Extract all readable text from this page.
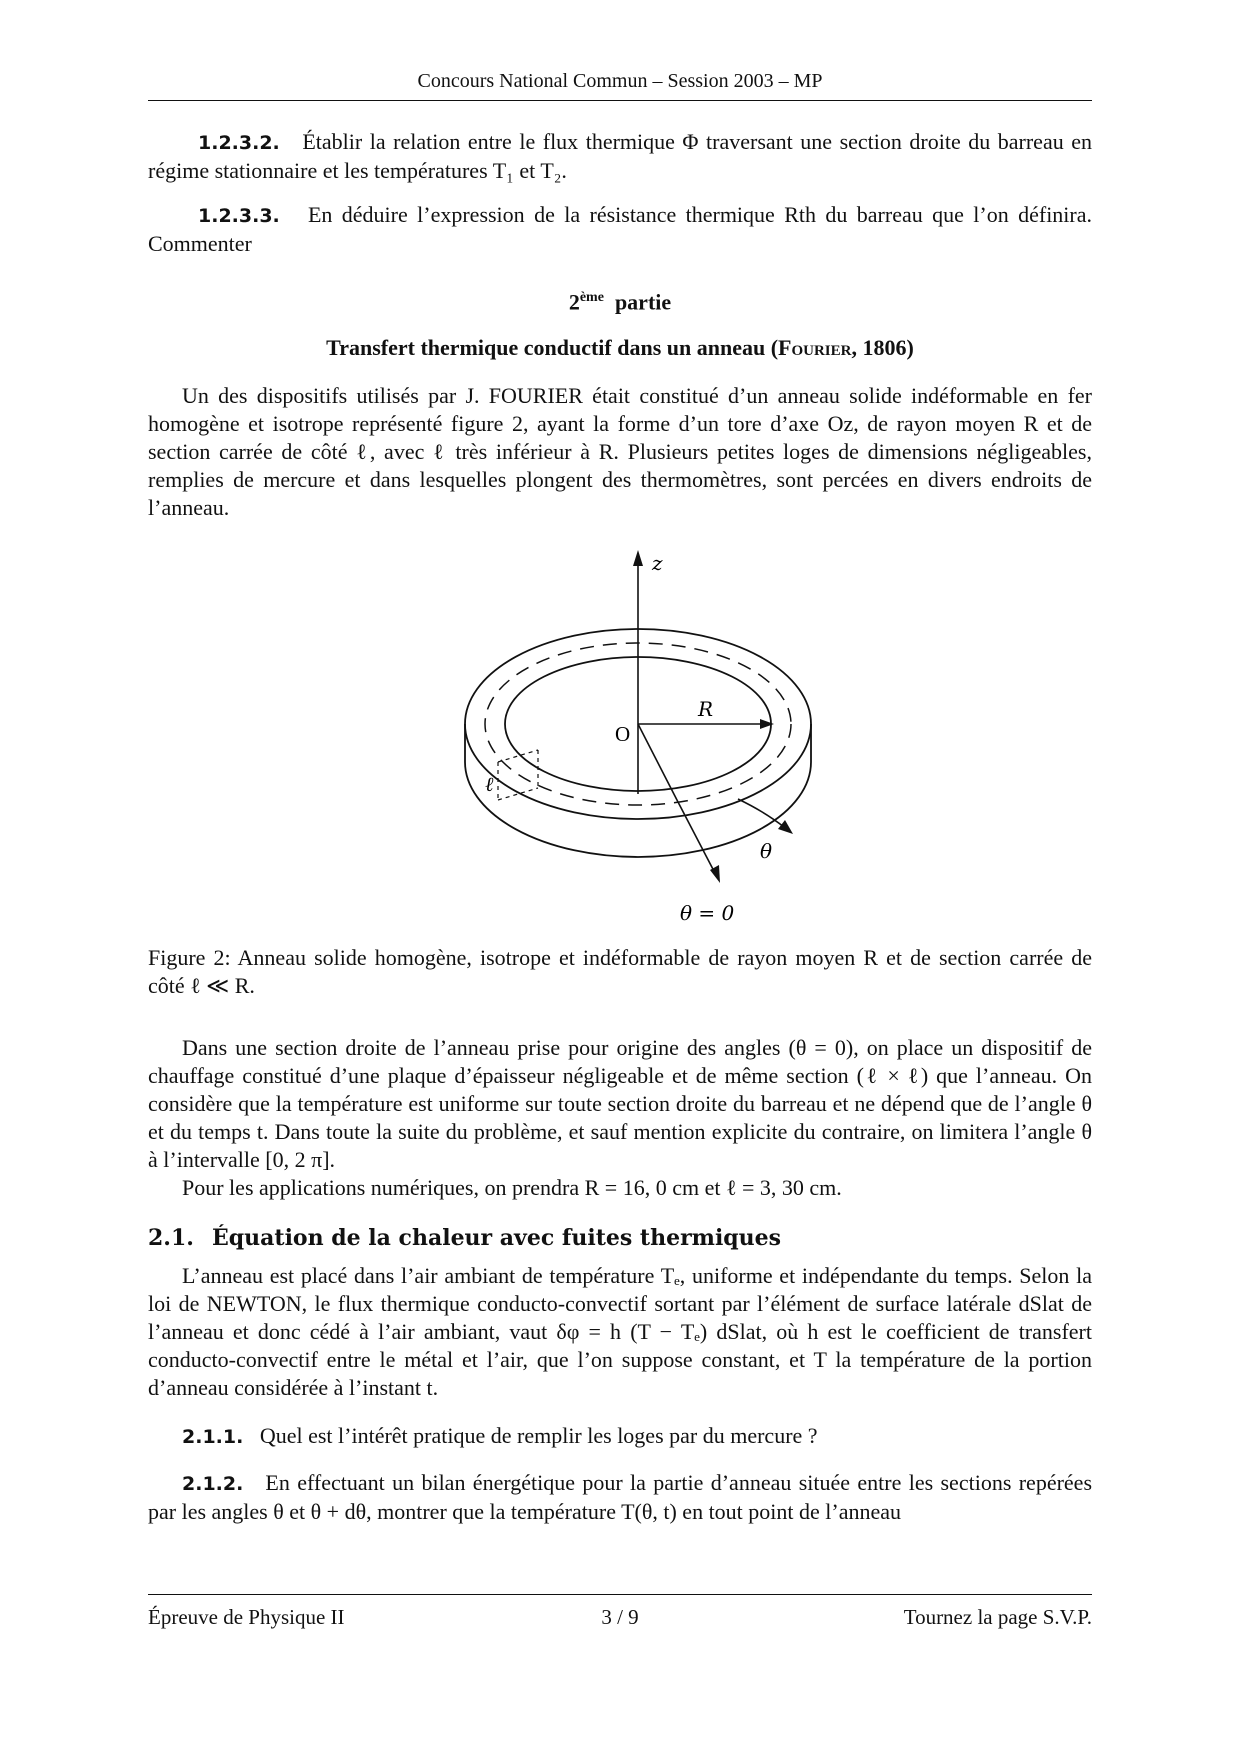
Concours National Commun – Session 2003 – MP

1.2.3.2. Établir la relation entre le flux thermique Φ traversant une section droite du barreau en régime stationnaire et les températures T₁ et T₂.

1.2.3.3. En déduire l’expression de la résistance thermique Rth du barreau que l’on définira. Commenter

2ème partie

Transfert thermique conductif dans un anneau (Fourier, 1806)

Un des dispositifs utilisés par J. FOURIER était constitué d’un anneau solide indéformable en fer homogène et isotrope représenté figure 2, ayant la forme d’un tore d’axe Oz, de rayon moyen R et de section carrée de côté ℓ, avec ℓ très inférieur à R. Plusieurs petites loges de dimensions négligeables, remplies de mercure et dans lesquelles plongent des thermomètres, sont percées en divers endroits de l’anneau.

z
ℓ
R
O
θ
θ = 0

Figure 2: Anneau solide homogène, isotrope et indéformable de rayon moyen R et de section carrée de côté ℓ ≪ R.

Dans une section droite de l’anneau prise pour origine des angles (θ = 0), on place un dispositif de chauffage constitué d’une plaque d’épaisseur négligeable et de même section (ℓ × ℓ) que l’anneau. On considère que la température est uniforme sur toute section droite du barreau et ne dépend que de l’angle θ et du temps t. Dans toute la suite du problème, et sauf mention explicite du contraire, on limitera l’angle θ à l’intervalle [0, 2 π].

Pour les applications numériques, on prendra R = 16, 0 cm et ℓ = 3, 30 cm.

2.1. Équation de la chaleur avec fuites thermiques

L’anneau est placé dans l’air ambiant de température Tₑ, uniforme et indépendante du temps. Selon la loi de NEWTON, le flux thermique conducto-convectif sortant par l’élément de surface latérale dSlat de l’anneau et donc cédé à l’air ambiant, vaut δφ = h (T − Tₑ) dSlat, où h est le coefficient de transfert conducto-convectif entre le métal et l’air, que l’on suppose constant, et T la température de la portion d’anneau considérée à l’instant t.

2.1.1. Quel est l’intérêt pratique de remplir les loges par du mercure ?

2.1.2. En effectuant un bilan énergétique pour la partie d’anneau située entre les sections repérées par les angles θ et θ + dθ, montrer que la température T(θ, t) en tout point de l’anneau

Épreuve de Physique II	3 / 9	Tournez la page S.V.P.
